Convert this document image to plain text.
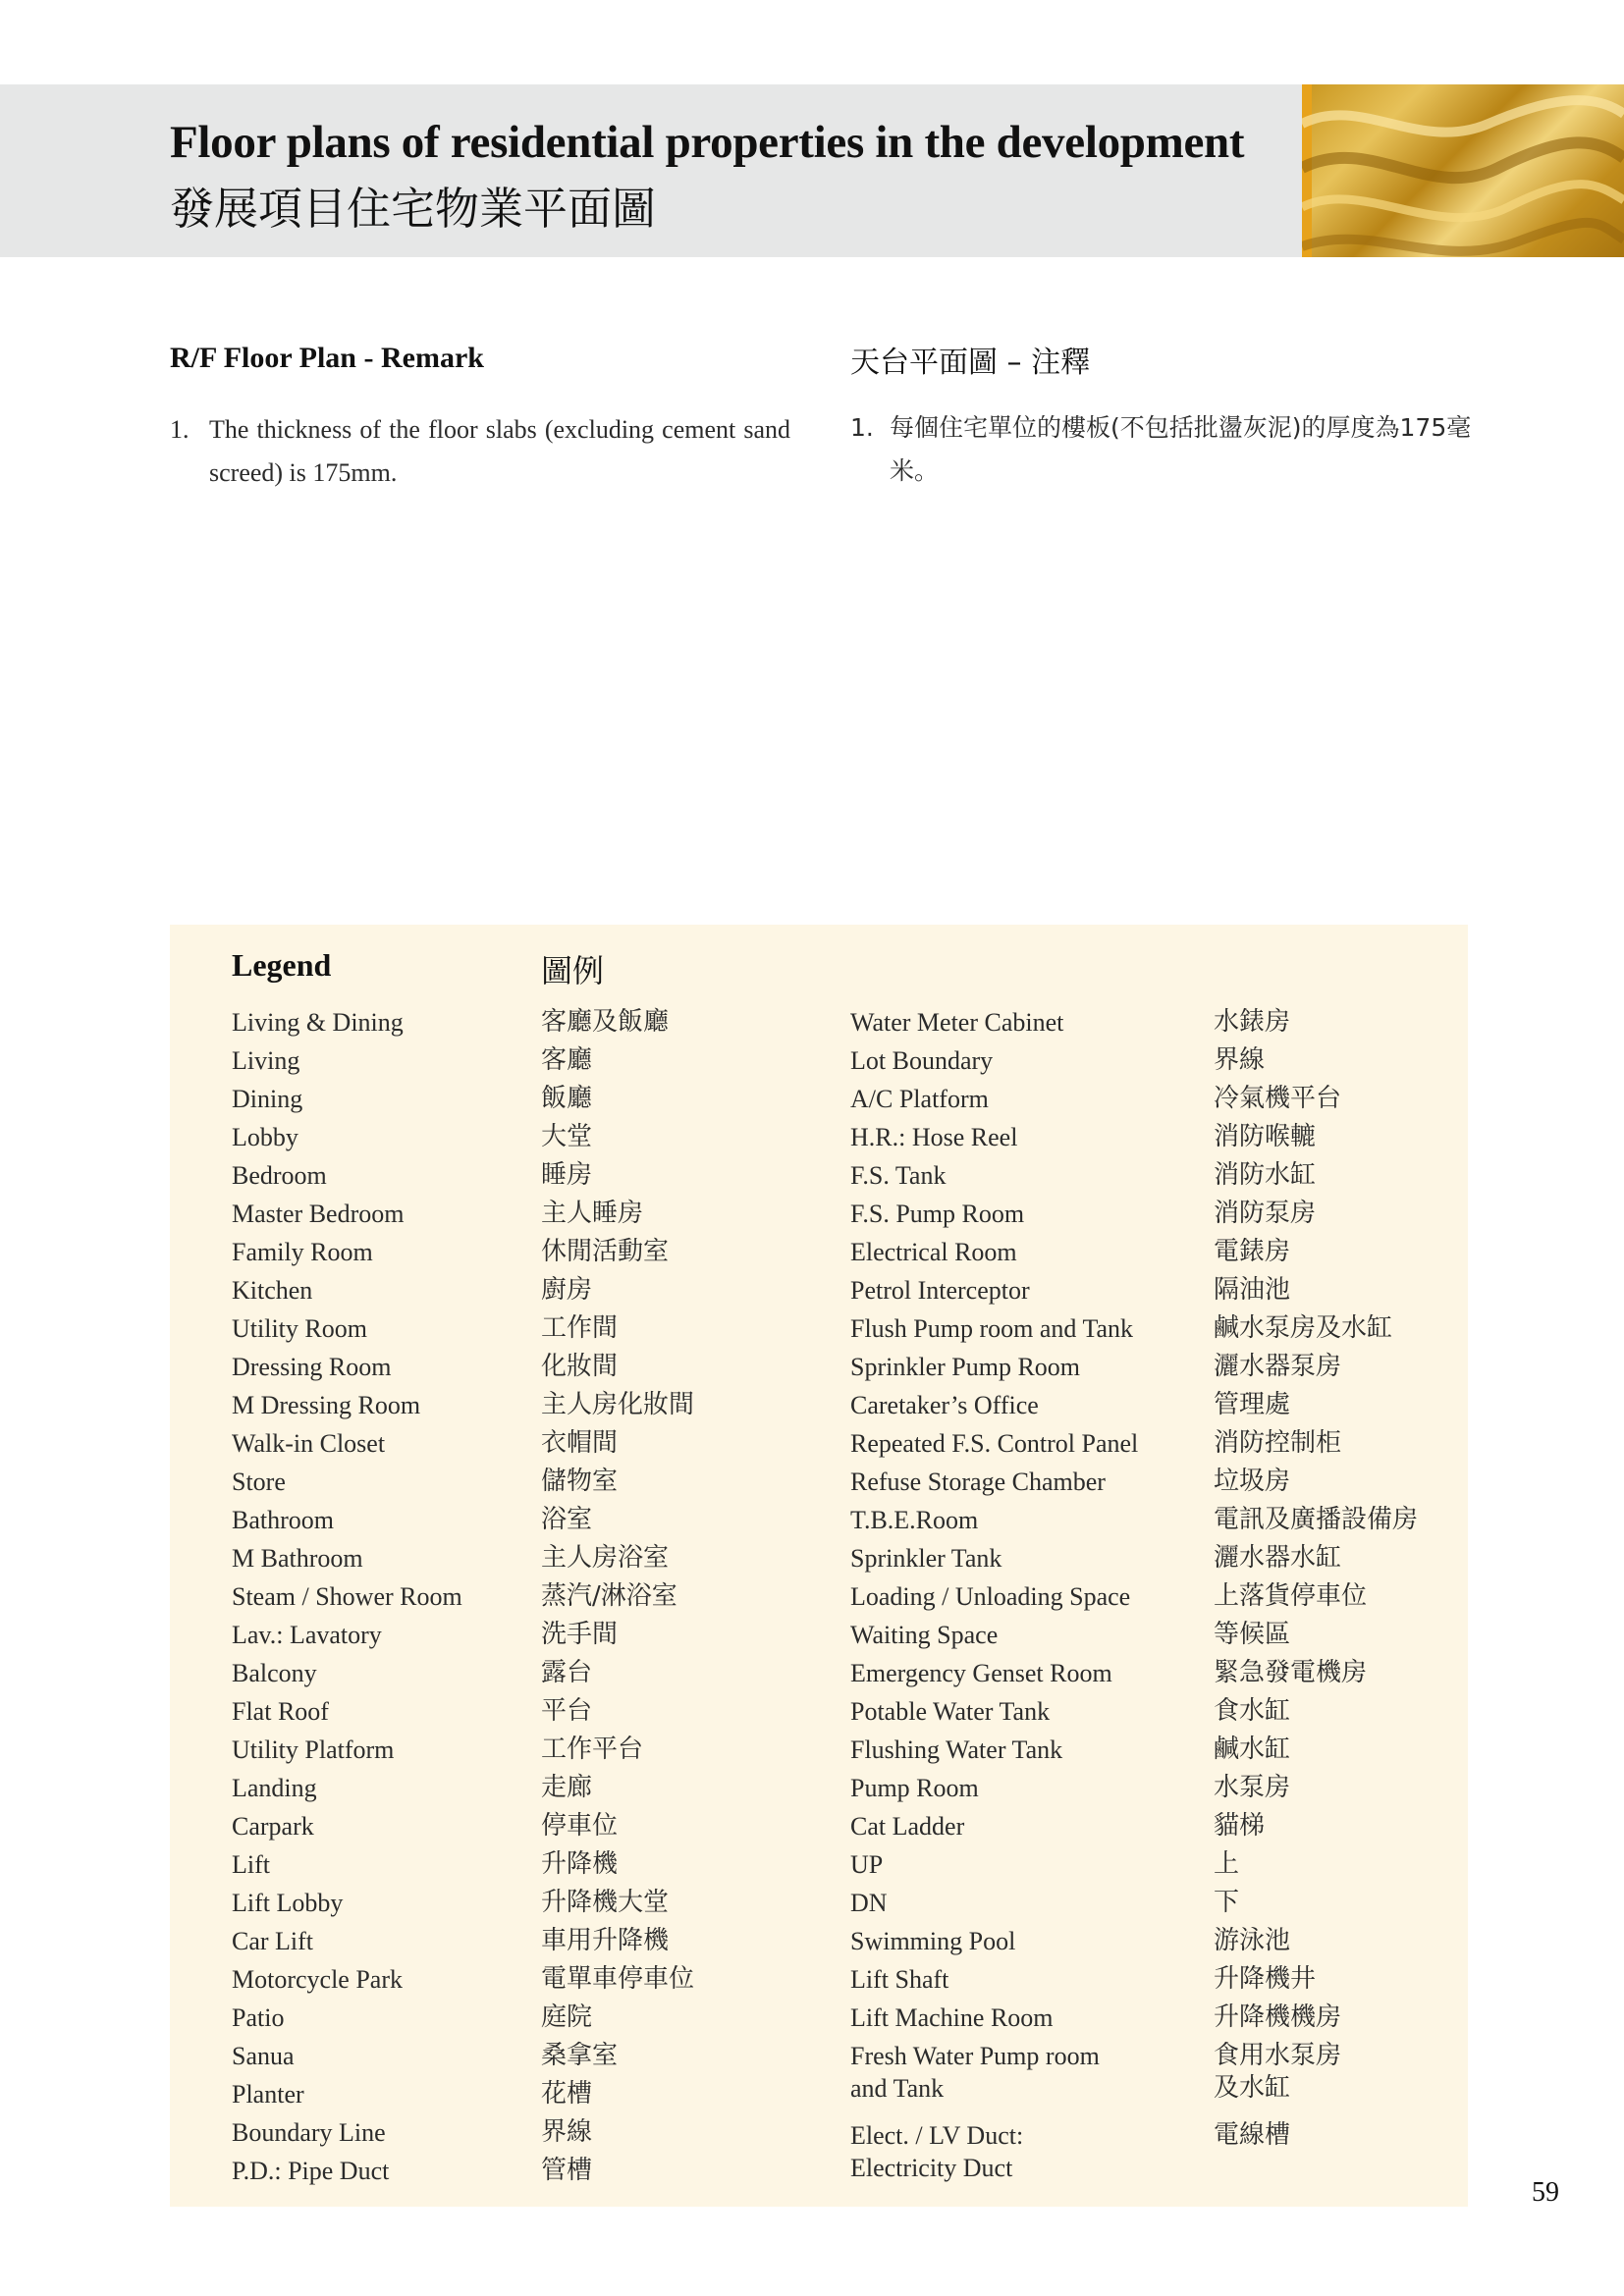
Floor plans of residential properties in the development
發展項目住宅物業平面圖
R/F Floor Plan - Remark	天台平面圖 – 注釋
1. The thickness of the floor slabs (excluding cement sand screed) is 175mm.
1. 每個住宅單位的樓板(不包括批盪灰泥)的厚度為175毫米。
Legend	圖例
Living & Dining
Living
Dining
Lobby
Bedroom
Master Bedroom
Family Room
Kitchen
Utility Room
Dressing Room
M Dressing Room
Walk-in Closet
Store
Bathroom
M Bathroom
Steam / Shower Room
Lav.: Lavatory
Balcony
Flat Roof
Utility Platform
Landing
Carpark
Lift
Lift Lobby
Car Lift
Motorcycle Park
Patio
Sanua
Planter
Boundary Line
P.D.: Pipe Duct
客廳及飯廳
客廳
飯廳
大堂
睡房
主人睡房
休閒活動室
廚房
工作間
化妝間
主人房化妝間
衣帽間
儲物室
浴室
主人房浴室
蒸汽/淋浴室
洗手間
露台
平台
工作平台
走廊
停車位
升降機
升降機大堂
車用升降機
電單車停車位
庭院
桑拿室
花槽
界線
管槽
Water Meter Cabinet
Lot Boundary
A/C Platform
H.R.: Hose Reel
F.S. Tank
F.S. Pump Room
Electrical Room
Petrol Interceptor
Flush Pump room and Tank
Sprinkler Pump Room
Caretaker’s Office
Repeated F.S. Control Panel
Refuse Storage Chamber
T.B.E.Room
Sprinkler Tank
Loading / Unloading Space
Waiting Space
Emergency Genset Room
Potable Water Tank
Flushing Water Tank
Pump Room
Cat Ladder
UP
DN
Swimming Pool
Lift Shaft
Lift Machine Room
Fresh Water Pump room
and Tank
Elect. / LV Duct:
Electricity Duct
水錶房
界線
冷氣機平台
消防喉轆
消防水缸
消防泵房
電錶房
隔油池
鹹水泵房及水缸
灑水器泵房
管理處
消防控制柜
垃圾房
電訊及廣播設備房
灑水器水缸
上落貨停車位
等候區
緊急發電機房
食水缸
鹹水缸
水泵房
貓梯
上
下
游泳池
升降機井
升降機機房
食用水泵房
及水缸
電線槽
59
